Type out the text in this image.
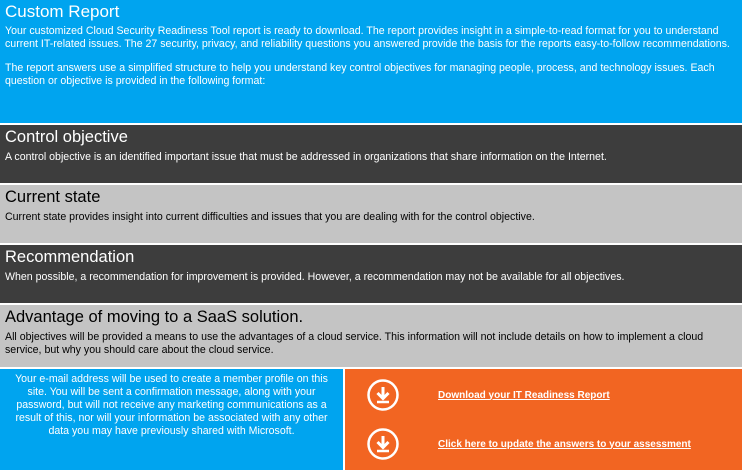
Custom Report

Your customized Cloud Security Readiness Tool report is ready to download. The report provides insight in a simple-to-read format for you to understand current IT-related issues. The 27 security, privacy, and reliability questions you answered provide the basis for the reports easy-to-follow recommendations.

The report answers use a simplified structure to help you understand key control objectives for managing people, process, and technology issues. Each question or objective is provided in the following format:

Control objective

A control objective is an identified important issue that must be addressed in organizations that share information on the Internet.

Current state

Current state provides insight into current difficulties and issues that you are dealing with for the control objective.

Recommendation

When possible, a recommendation for improvement is provided. However, a recommendation may not be available for all objectives.

Advantage of moving to a SaaS solution.

All objectives will be provided a means to use the advantages of a cloud service. This information will not include details on how to implement a cloud service, but why you should care about the cloud service.

Your e-mail address will be used to create a member profile on this site. You will be sent a confirmation message, along with your password, but will not receive any marketing communications as a result of this, nor will your information be associated with any other data you may have previously shared with Microsoft.
Download your IT Readiness Report
Click here to update the answers to your assessment
